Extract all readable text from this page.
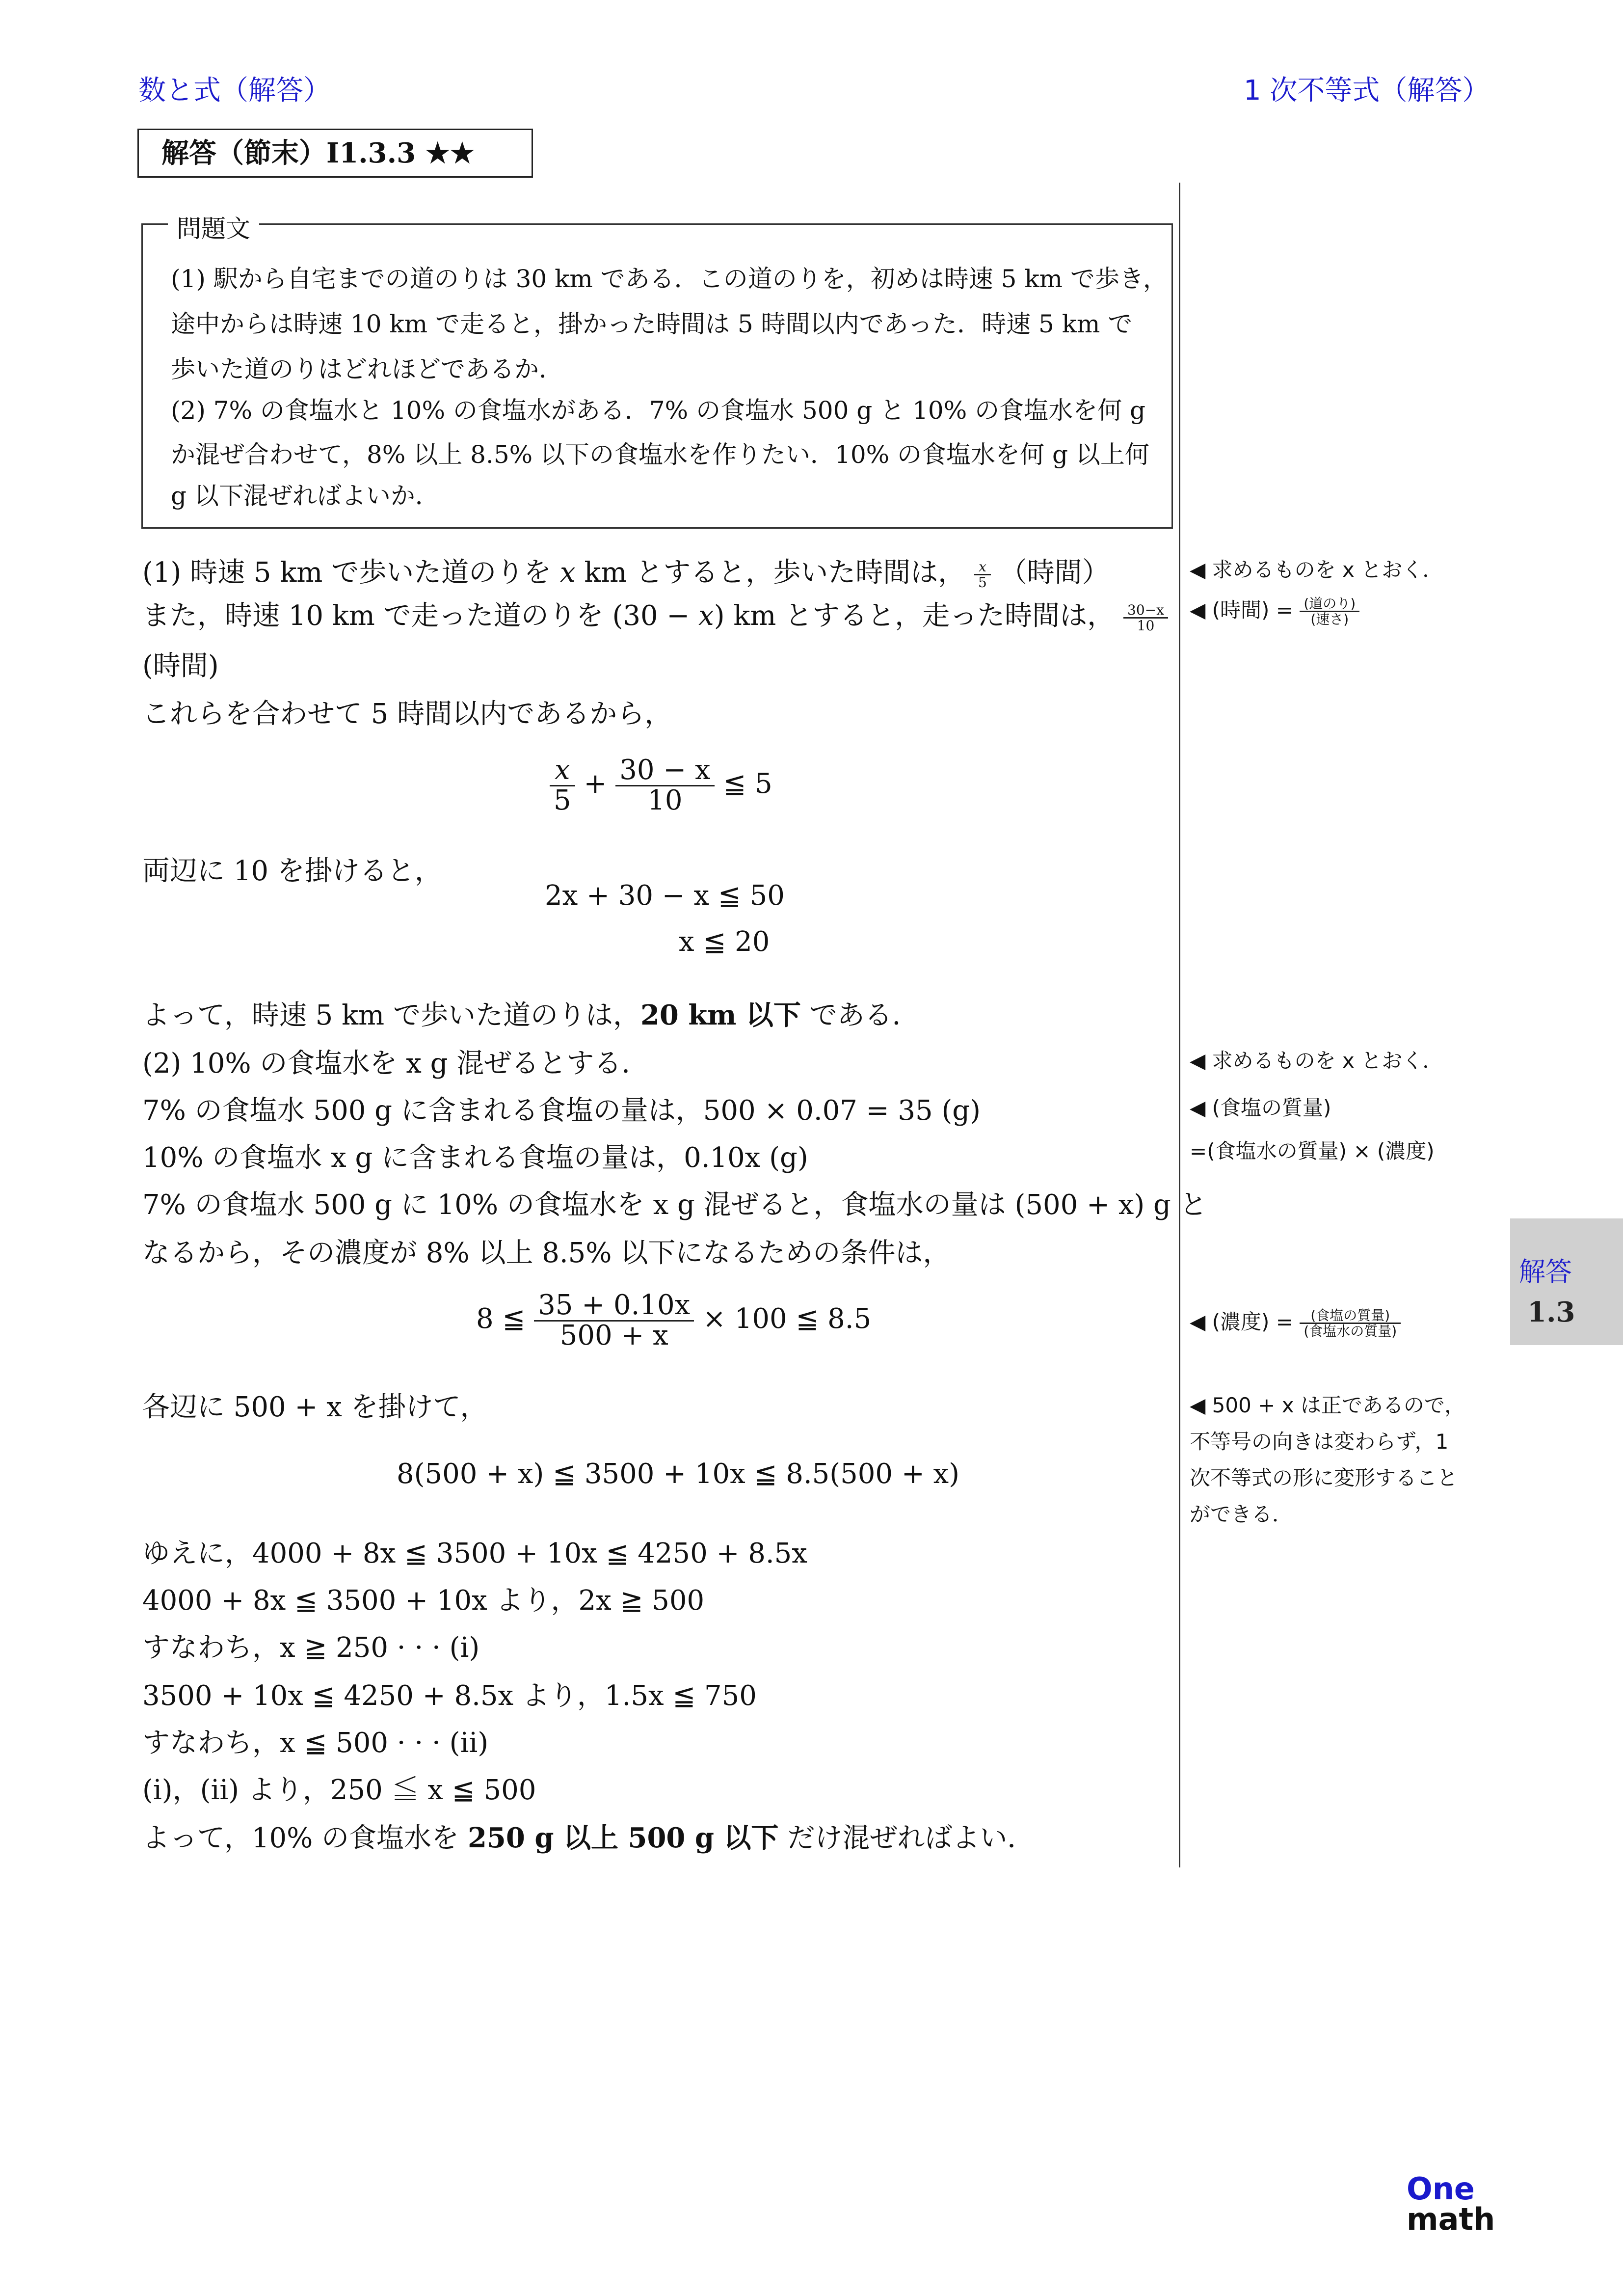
数と式（解答）	1 次不等式（解答）
解答（節末）I1.3.3 ★★
問題文
(1) 駅から自宅までの道のりは 30 km である．この道のりを，初めは時速 5 km で歩き，
途中からは時速 10 km で走ると，掛かった時間は 5 時間以内であった．時速 5 km で
歩いた道のりはどれほどであるか．
(2) 7% の食塩水と 10% の食塩水がある．7% の食塩水 500 g と 10% の食塩水を何 g
か混ぜ合わせて，8% 以上 8.5% 以下の食塩水を作りたい．10% の食塩水を何 g 以上何
g 以下混ぜればよいか．
(1) 時速 5 km で歩いた道のりを x km とすると，歩いた時間は， $\frac{x}{5}$ （時間）
また，時速 10 km で走った道のりを (30 − x) km とすると，走った時間は， $\frac{30-x}{10}$
(時間)
これらを合わせて 5 時間以内であるから，
$\frac{x}{5} + \frac{30 - x}{10}$ ≦ 5
両辺に 10 を掛けると，
2x + 30 − x ≦ 50
x ≦ 20
よって，時速 5 km で歩いた道のりは，20 km 以下 である．
(2) 10% の食塩水を x g 混ぜるとする．
7% の食塩水 500 g に含まれる食塩の量は，500 × 0.07 = 35 (g)
10% の食塩水 x g に含まれる食塩の量は，0.10x (g)
7% の食塩水 500 g に 10% の食塩水を x g 混ぜると，食塩水の量は (500 + x) g と
なるから，その濃度が 8% 以上 8.5% 以下になるための条件は，
8 ≦ $\frac{35 + 0.10x}{500 + x} \times 100$ ≦ 8.5
各辺に 500 + x を掛けて，
8(500 + x) ≦ 3500 + 10x ≦ 8.5(500 + x)
ゆえに，4000 + 8x ≦ 3500 + 10x ≦ 4250 + 8.5x
4000 + 8x ≦ 3500 + 10x より，2x ≧ 500
すなわち，x ≧ 250 · · · (i)
3500 + 10x ≦ 4250 + 8.5x より，1.5x ≦ 750
すなわち，x ≦ 500 · · · (ii)
(i)，(ii) より，250 ≦ x ≦ 500
よって，10% の食塩水を 250 g 以上 500 g 以下 だけ混ぜればよい．
◀ 求めるものを x とおく．
◀ (時間) = $\frac{\text{(道のり)}}{\text{(速さ)}}$
◀ 求めるものを x とおく．
◀ (食塩の質量)
=(食塩水の質量) × (濃度)
◀ (濃度) = $\frac{\text{(食塩の質量)}}{\text{(食塩水の質量)}}$
◀ 500 + x は正であるので，
不等号の向きは変わらず，1
次不等式の形に変形すること
ができる．
解答
1.3
One
math
